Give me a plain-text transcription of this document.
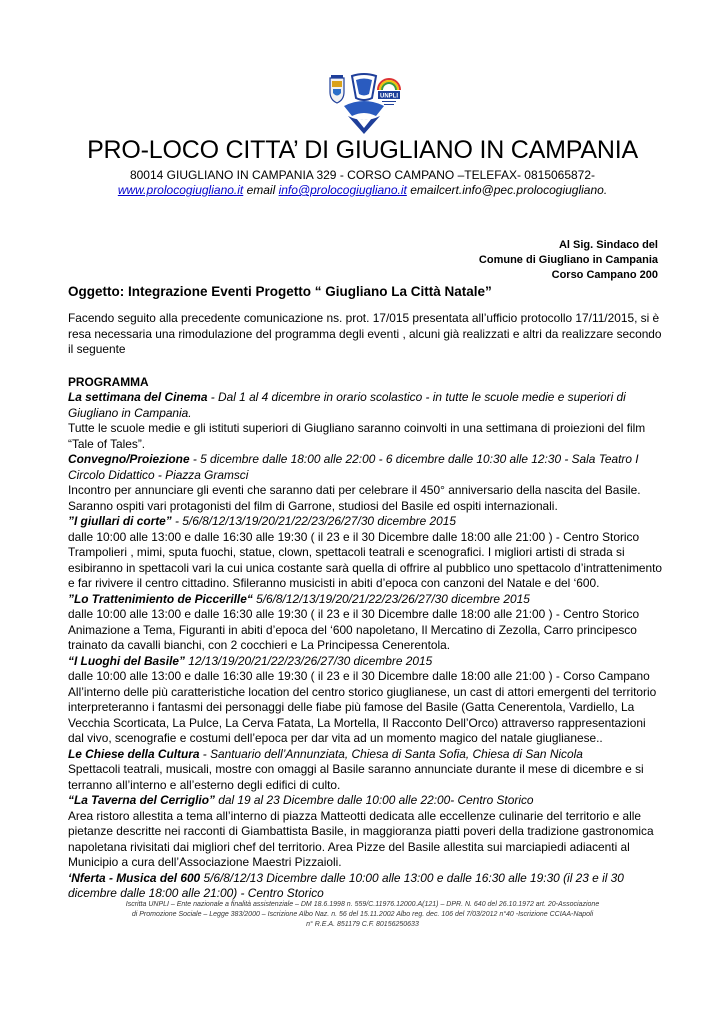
UNPLI
PRO-LOCO CITTA’ DI GIUGLIANO IN CAMPANIA
80014 GIUGLIANO IN CAMPANIA 329 - CORSO CAMPANO –TELEFAX- 0815065872-
www.prolocogiugliano.it email info@prolocogiugliano.it emailcert.info@pec.prolocogiugliano.
Al Sig. Sindaco del
Comune di Giugliano in Campania
Corso Campano 200
Oggetto: Integrazione Eventi Progetto “ Giugliano La Città Natale”

Facendo seguito alla precedente comunicazione ns. prot. 17/015 presentata all’ufficio protocollo 17/11/2015, si è resa necessaria una rimodulazione del programma degli eventi , alcuni già realizzati e altri da realizzare secondo il seguente

PROGRAMMA

La settimana del Cinema - Dal 1 al 4 dicembre in orario scolastico - in tutte le scuole medie e superiori di Giugliano in Campania.

Tutte le scuole medie e gli istituti superiori di Giugliano saranno coinvolti in una settimana di proiezioni del film “Tale of Tales”.

Convegno/Proiezione - 5 dicembre dalle 18:00 alle 22:00 - 6 dicembre dalle 10:30 alle 12:30 - Sala Teatro I Circolo Didattico - Piazza Gramsci

Incontro per annunciare gli eventi che saranno dati per celebrare il 450° anniversario della nascita del Basile. Saranno ospiti vari protagonisti del film di Garrone, studiosi del Basile ed ospiti internazionali.

”I giullari di corte” - 5/6/8/12/13/19/20/21/22/23/26/27/30 dicembre 2015

dalle 10:00 alle 13:00 e dalle 16:30 alle 19:30 ( il 23 e il 30 Dicembre dalle 18:00 alle 21:00 ) - Centro Storico Trampolieri , mimi, sputa fuochi, statue, clown, spettacoli teatrali e scenografici. I migliori artisti di strada si esibiranno in spettacoli vari la cui unica costante sarà quella di offrire al pubblico uno spettacolo d’intrattenimento e far rivivere il centro cittadino. Sfileranno musicisti in abiti d’epoca con canzoni del Natale e del ‘600.

”Lo Trattenimiento de Piccerille“ 5/6/8/12/13/19/20/21/22/23/26/27/30 dicembre 2015

dalle 10:00 alle 13:00 e dalle 16:30 alle 19:30 ( il 23 e il 30 Dicembre dalle 18:00 alle 21:00 ) - Centro Storico Animazione a Tema, Figuranti in abiti d’epoca del ‘600 napoletano, Il Mercatino di Zezolla, Carro principesco trainato da cavalli bianchi, con 2 cocchieri e La Principessa Cenerentola.

“I Luoghi del Basile” 12/13/19/20/21/22/23/26/27/30 dicembre 2015

dalle 10:00 alle 13:00 e dalle 16:30 alle 19:30 ( il 23 e il 30 Dicembre dalle 18:00 alle 21:00 ) - Corso Campano

All’interno delle più caratteristiche location del centro storico giuglianese, un cast di attori emergenti del territorio interpreteranno i fantasmi dei personaggi delle fiabe più famose del Basile (Gatta Cenerentola, Vardiello, La Vecchia Scorticata, La Pulce, La Cerva Fatata, La Mortella, Il Racconto Dell’Orco) attraverso rappresentazioni dal vivo, scenografie e costumi dell’epoca per dar vita ad un momento magico del natale giuglianese..

Le Chiese della Cultura - Santuario dell’Annunziata, Chiesa di Santa Sofia, Chiesa di San Nicola

Spettacoli teatrali, musicali, mostre con omaggi al Basile saranno annunciate durante il mese di dicembre e si terranno all’interno e all’esterno degli edifici di culto.

“La Taverna del Cerriglio” dal 19 al 23 Dicembre dalle 10:00 alle 22:00- Centro Storico

Area ristoro allestita a tema all’interno di piazza Matteotti dedicata alle eccellenze culinarie del territorio e alle pietanze descritte nei racconti di Giambattista Basile, in maggioranza piatti poveri della tradizione gastronomica napoletana rivisitati dai migliori chef del territorio. Area Pizze del Basile allestita sui marciapiedi adiacenti al Municipio a cura dell’Associazione Maestri Pizzaioli.

‘Nferta - Musica del 600 5/6/8/12/13 Dicembre dalle 10:00 alle 13:00 e dalle 16:30 alle 19:30 (il 23 e il 30 dicembre dalle 18:00 alle 21:00) - Centro Storico

Iscritta UNPLI – Ente nazionale a finalità assistenziale – DM 18.6.1998 n. 559/C.11976.12000.A(121) – DPR. N. 640 del 26.10.1972 art. 20-Associazione
di Promozione Sociale – Legge 383/2000 – Iscrizione Albo Naz. n. 56 del 15.11.2002 Albo reg. dec. 106 del 7/03/2012 n°40 -Iscrizione CCIAA-Napoli
n° R.E.A. 851179 C.F. 80156250633
